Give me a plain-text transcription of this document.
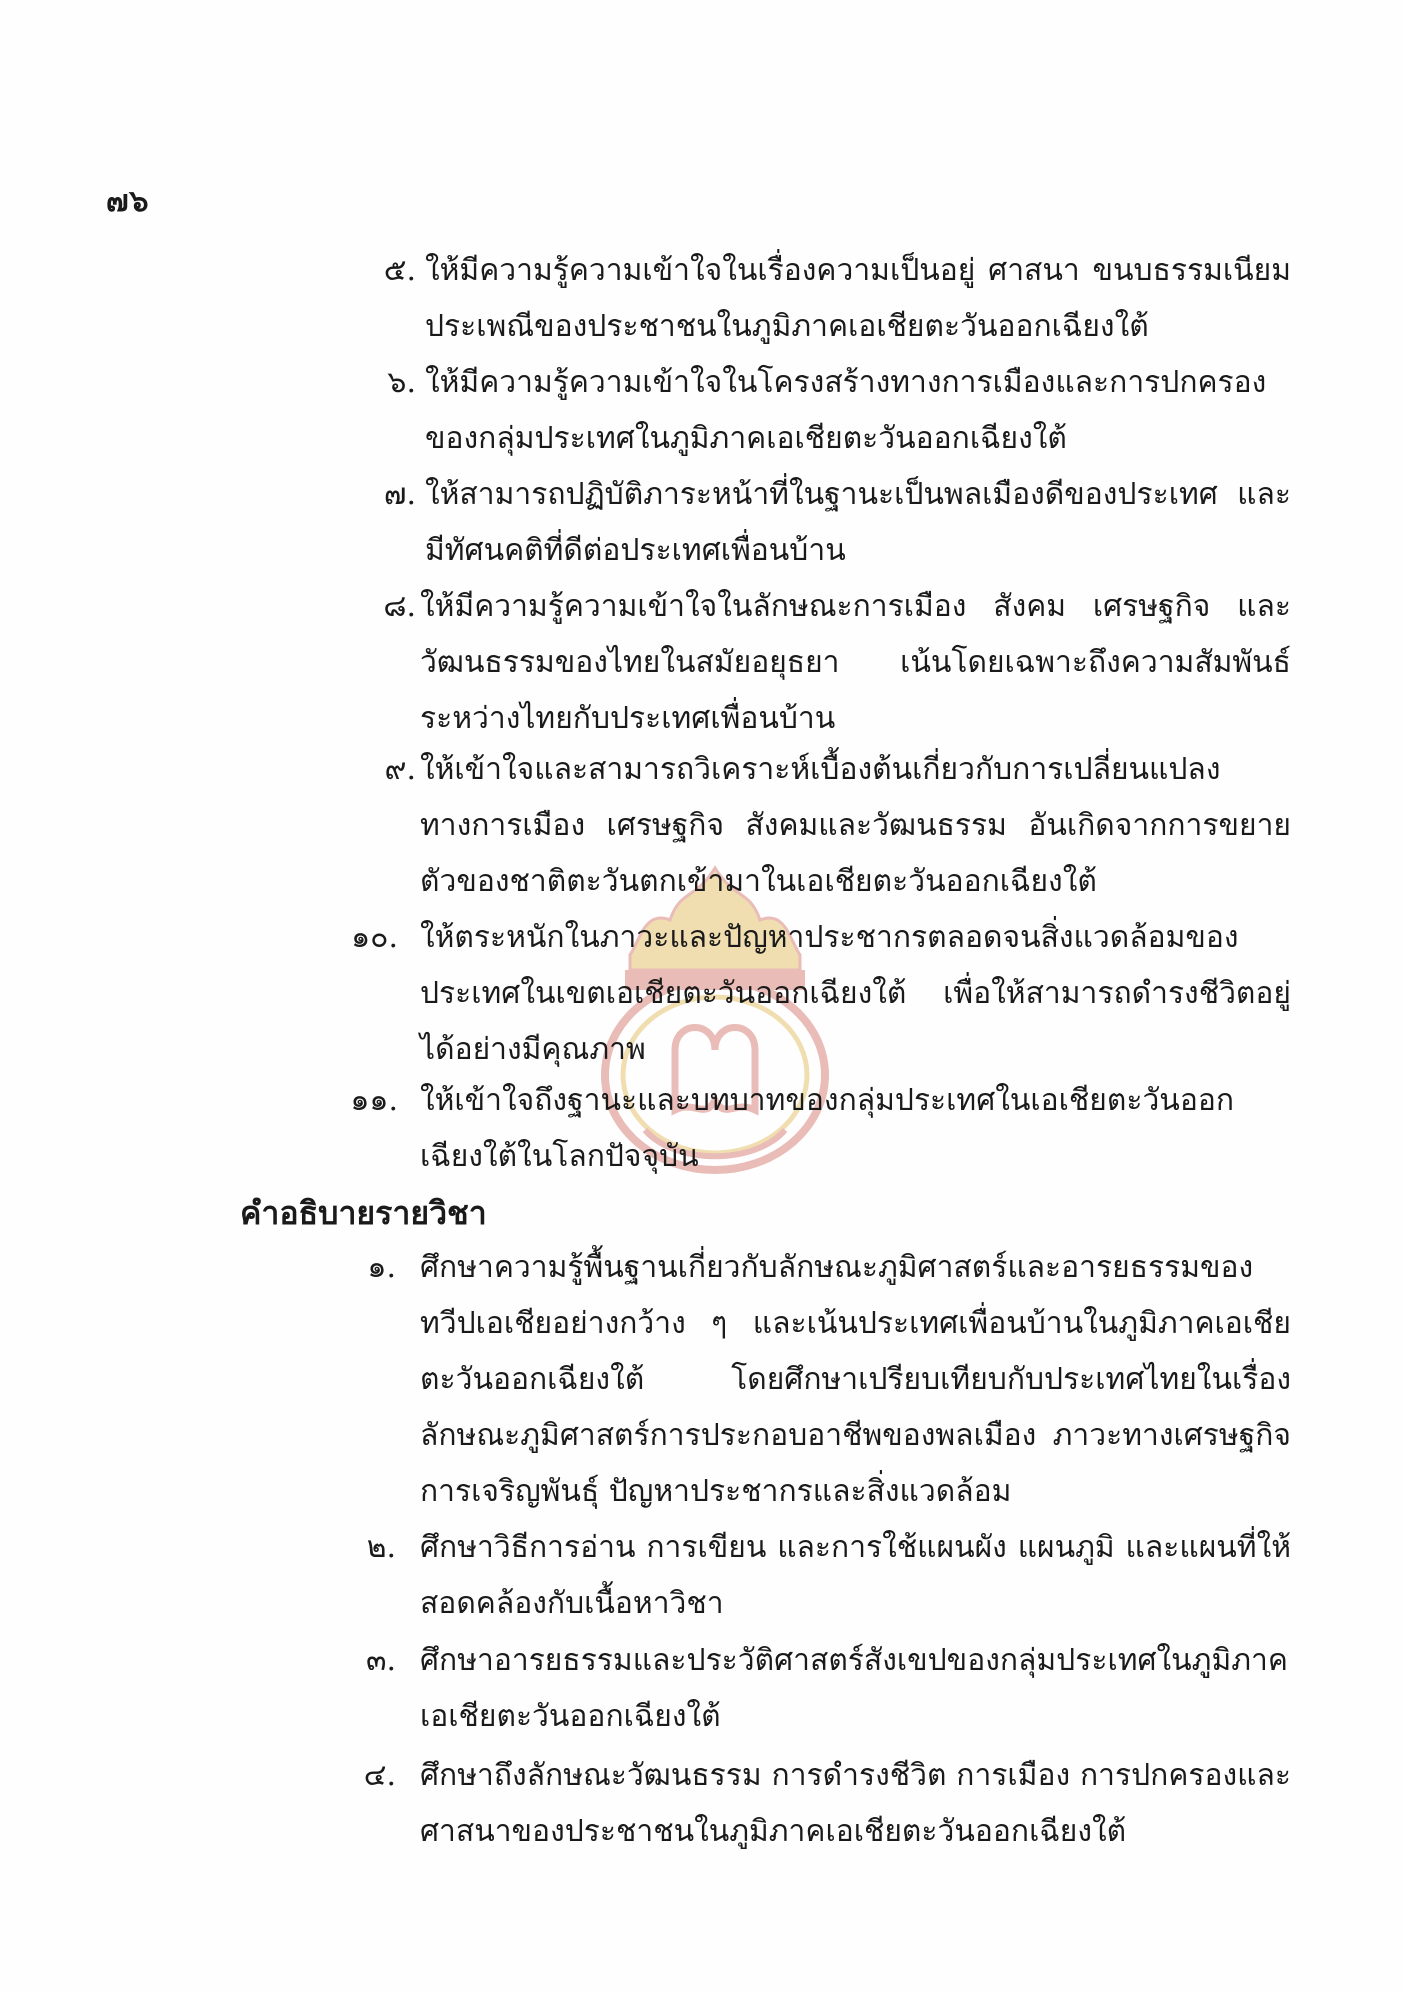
๗๖
๕. ให้มีความรู้ความเข้าใจในเรื่องความเป็นอยู่ ศาสนา ขนบธรรมเนียมประเพณีของประชาชนในภูมิภาคเอเชียตะวันออกเฉียงใต้
๖. ให้มีความรู้ความเข้าใจในโครงสร้างทางการเมืองและการปกครองของกลุ่มประเทศในภูมิภาคเอเชียตะวันออกเฉียงใต้
๗. ให้สามารถปฏิบัติภาระหน้าที่ในฐานะเป็นพลเมืองดีของประเทศ และมีทัศนคติที่ดีต่อประเทศเพื่อนบ้าน
๘. ให้มีความรู้ความเข้าใจในลักษณะการเมือง สังคม เศรษฐกิจ และวัฒนธรรมของไทยในสมัยอยุธยา เน้นโดยเฉพาะถึงความสัมพันธ์ระหว่างไทยกับประเทศเพื่อนบ้าน
๙. ให้เข้าใจและสามารถวิเคราะห์เบื้องต้นเกี่ยวกับการเปลี่ยนแปลงทางการเมือง เศรษฐกิจ สังคมและวัฒนธรรม อันเกิดจากการขยายตัวของชาติตะวันตกเข้ามาในเอเชียตะวันออกเฉียงใต้
๑๐. ให้ตระหนักในภาวะและปัญหาประชากรตลอดจนสิ่งแวดล้อมของประเทศในเขตเอเชียตะวันออกเฉียงใต้ เพื่อให้สามารถดำรงชีวิตอยู่ได้อย่างมีคุณภาพ
๑๑. ให้เข้าใจถึงฐานะและบทบาทของกลุ่มประเทศในเอเชียตะวันออกเฉียงใต้ในโลกปัจจุบัน
คำอธิบายรายวิชา
๑. ศึกษาความรู้พื้นฐานเกี่ยวกับลักษณะภูมิศาสตร์และอารยธรรมของทวีปเอเชียอย่างกว้าง ๆ และเน้นประเทศเพื่อนบ้านในภูมิภาคเอเชียตะวันออกเฉียงใต้ โดยศึกษาเปรียบเทียบกับประเทศไทยในเรื่องลักษณะภูมิศาสตร์การประกอบอาชีพของพลเมือง ภาวะทางเศรษฐกิจ การเจริญพันธุ์ ปัญหาประชากรและสิ่งแวดล้อม
๒. ศึกษาวิธีการอ่าน การเขียน และการใช้แผนผัง แผนภูมิ และแผนที่ให้สอดคล้องกับเนื้อหาวิชา
๓. ศึกษาอารยธรรมและประวัติศาสตร์สังเขปของกลุ่มประเทศในภูมิภาคเอเชียตะวันออกเฉียงใต้
๔. ศึกษาถึงลักษณะวัฒนธรรม การดำรงชีวิต การเมือง การปกครองและศาสนาของประชาชนในภูมิภาคเอเชียตะวันออกเฉียงใต้
